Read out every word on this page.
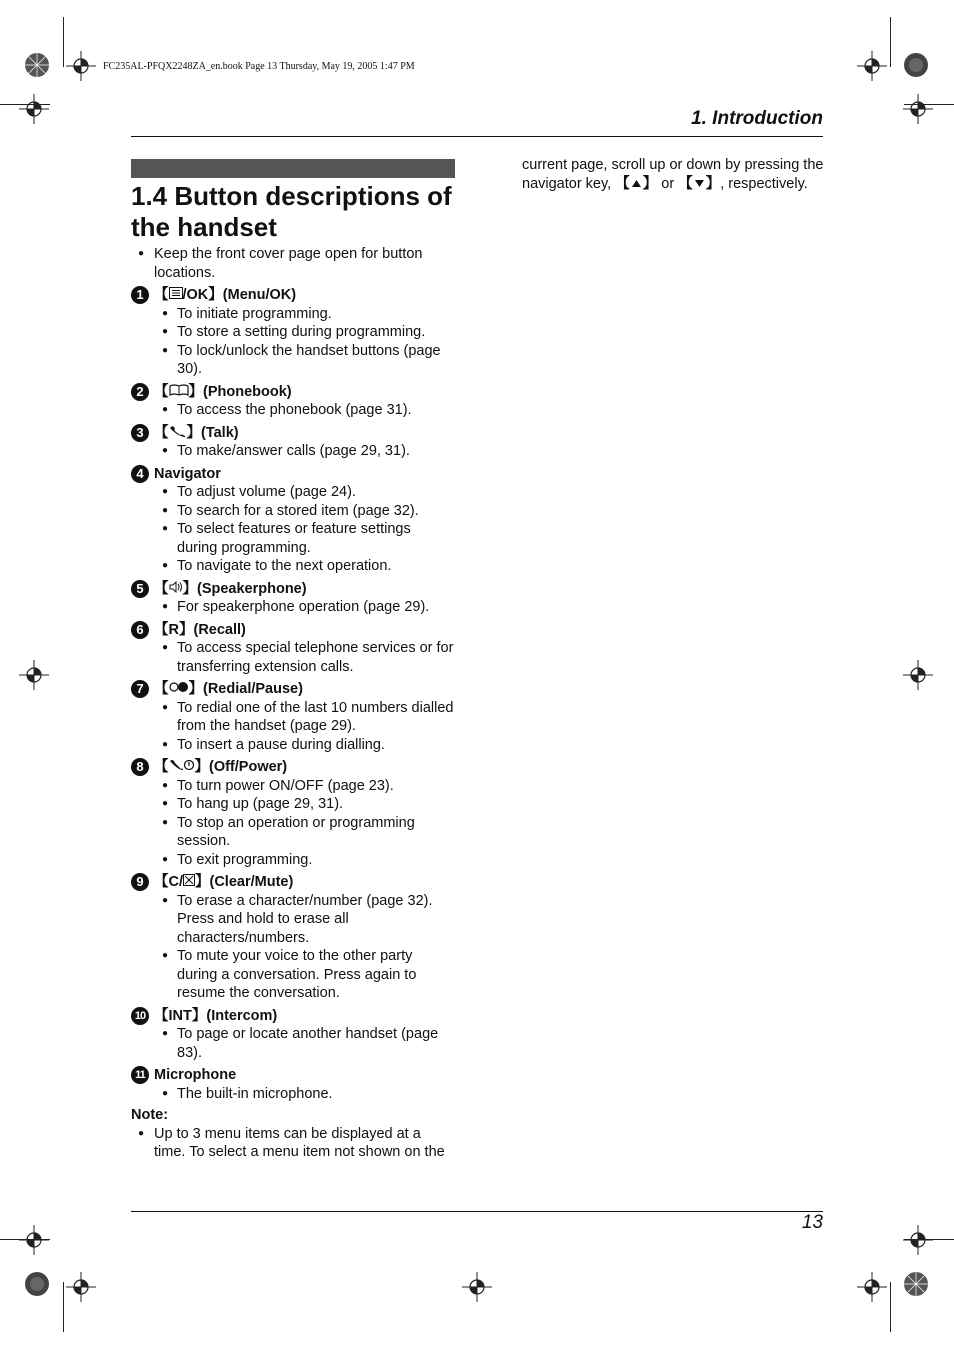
FC235AL-PFQX2248ZA_en.book Page 13 Thursday, May 19, 2005 1:47 PM
1. Introduction
1.4 Button descriptions of the handset
● Keep the front cover page open for button locations.
1 【 /OK 】 (Menu/OK)
● To initiate programming.
● To store a setting during programming.
● To lock/unlock the handset buttons (page 30).
2 【 】 (Phonebook)
● To access the phonebook (page 31).
3 【 】 (Talk)
● To make/answer calls (page 29, 31).
4 Navigator
● To adjust volume (page 24).
● To search for a stored item (page 32).
● To select features or feature settings during programming.
● To navigate to the next operation.
5 【 】 (Speakerphone)
● For speakerphone operation (page 29).
6 【 R 】 (Recall)
● To access special telephone services or for transferring extension calls.
7 【 】 (Redial/Pause)
● To redial one of the last 10 numbers dialled from the handset (page 29).
● To insert a pause during dialling.
8 【 】 (Off/Power)
● To turn power ON/OFF (page 23).
● To hang up (page 29, 31).
● To stop an operation or programming session.
● To exit programming.
9 【 C/ 】 (Clear/Mute)
● To erase a character/number (page 32). Press and hold to erase all characters/numbers.
● To mute your voice to the other party during a conversation. Press again to resume the conversation.
10 【 INT 】 (Intercom)
● To page or locate another handset (page 83).
11 Microphone
● The built-in microphone.
Note:
● Up to 3 menu items can be displayed at a time. To select a menu item not shown on the
current page, scroll up or down by pressing the navigator key, 【 】 or 【 】 , respectively.
13
